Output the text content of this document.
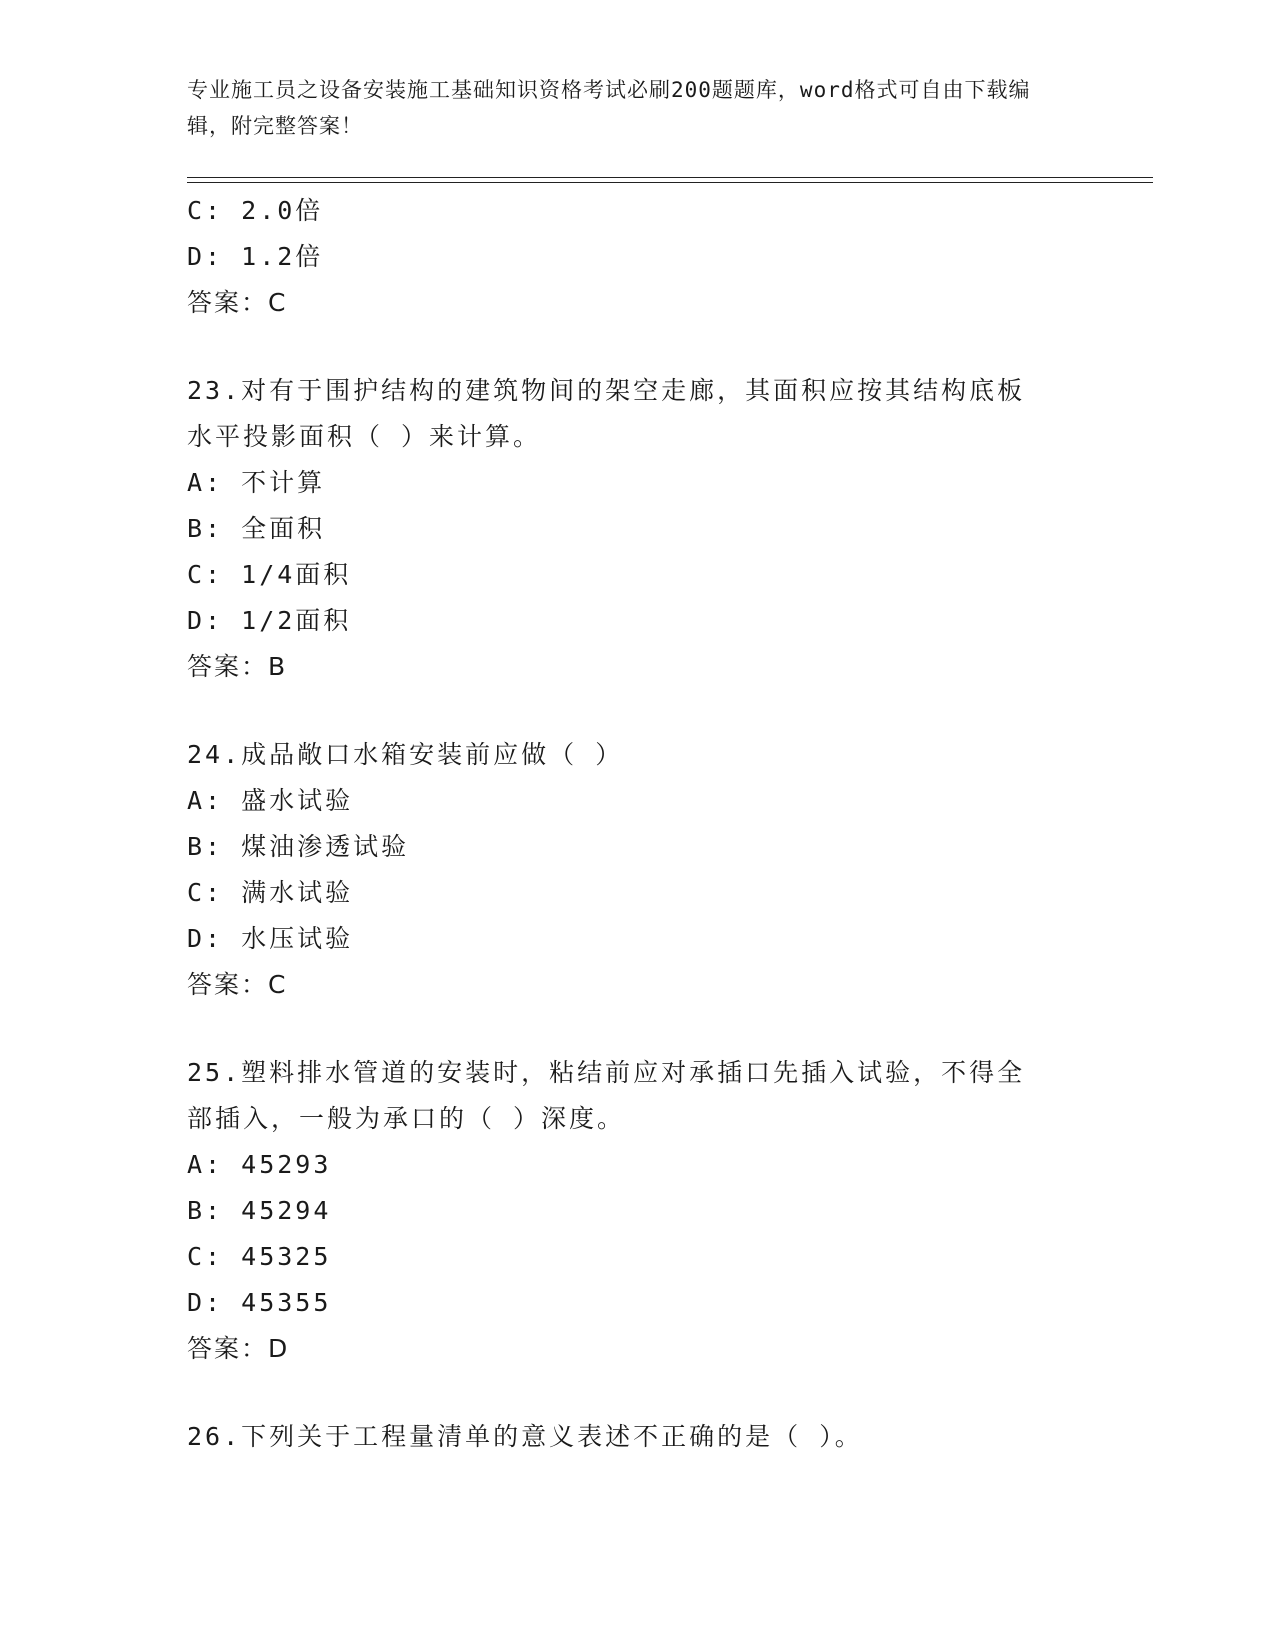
专业施工员之设备安装施工基础知识资格考试必刷200题题库，word格式可自由下载编辑，附完整答案！
C: 2.0倍
D: 1.2倍
答案：C
23.对有于围护结构的建筑物间的架空走廊，其面积应按其结构底板水平投影面积（ ）来计算。
A: 不计算
B: 全面积
C: 1/4面积
D: 1/2面积
答案：B
24.成品敞口水箱安装前应做（ ）
A: 盛水试验
B: 煤油渗透试验
C: 满水试验
D: 水压试验
答案：C
25.塑料排水管道的安装时，粘结前应对承插口先插入试验，不得全部插入，一般为承口的（ ）深度。
A: 45293
B: 45294
C: 45325
D: 45355
答案：D
26.下列关于工程量清单的意义表述不正确的是（ ）。
